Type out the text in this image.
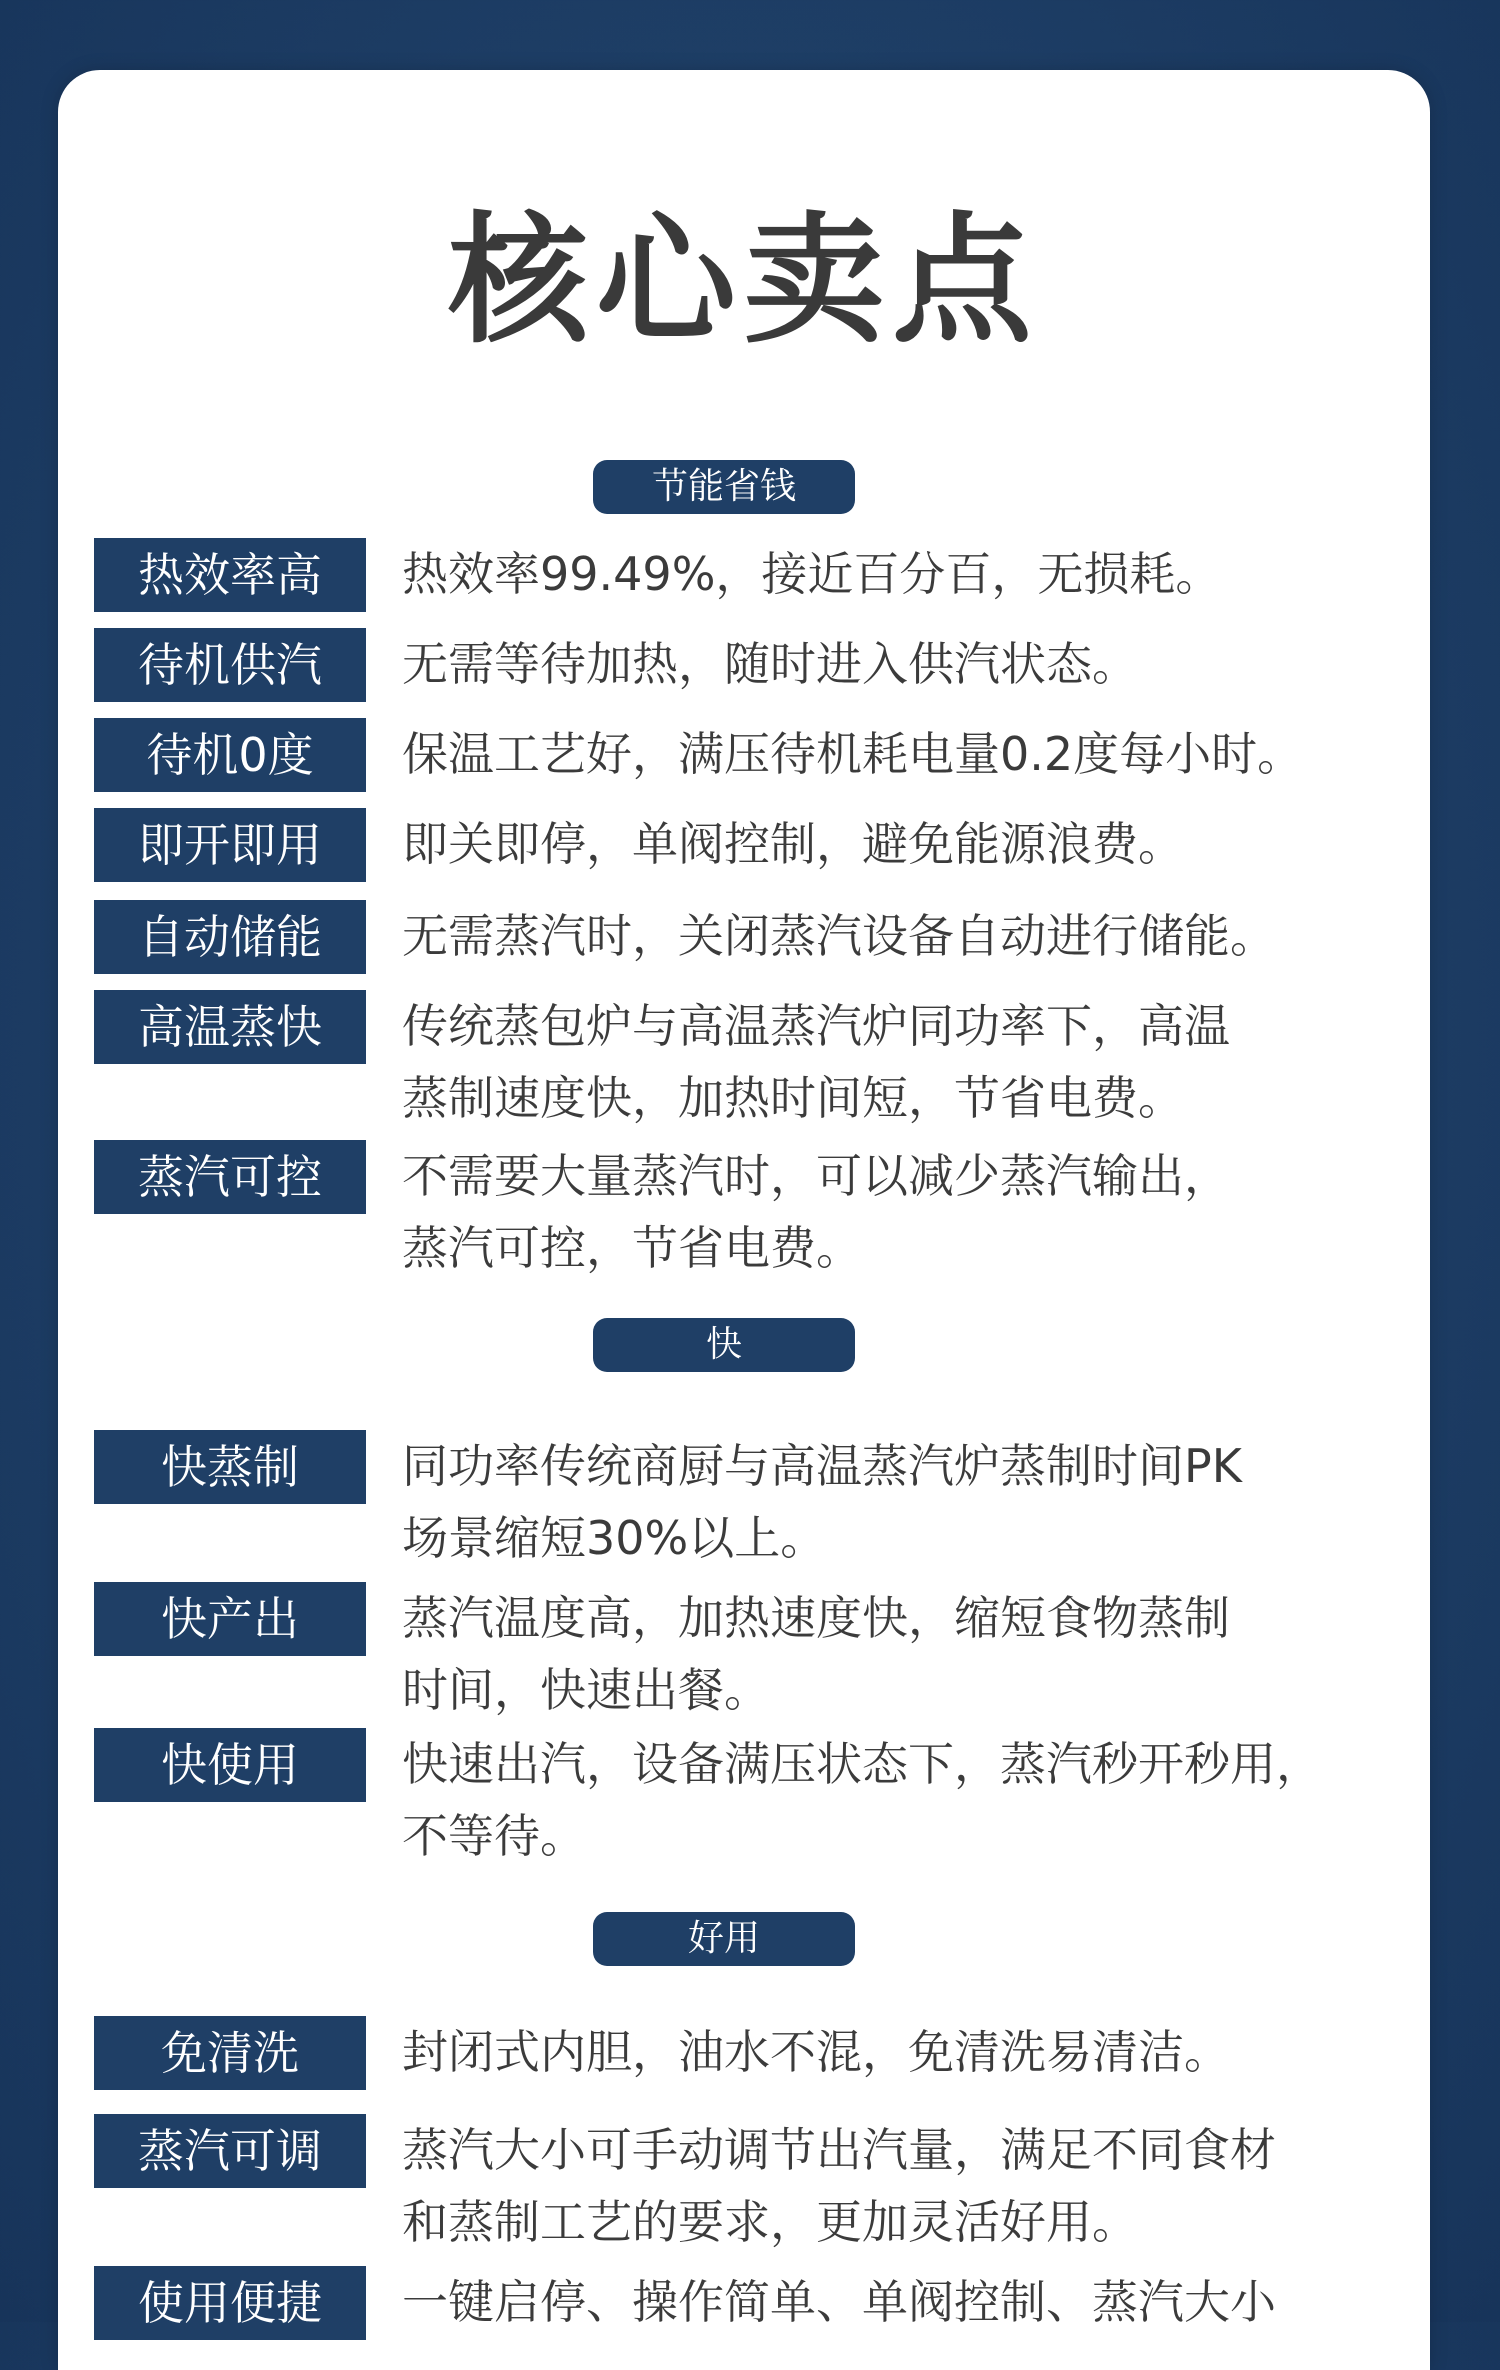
核心卖点
节能省钱
热效率高	热效率99.49%，接近百分百，无损耗。
待机供汽	无需等待加热，随时进入供汽状态。
待机0度	保温工艺好，满压待机耗电量0.2度每小时。
即开即用	即关即停，单阀控制，避免能源浪费。
自动储能	无需蒸汽时，关闭蒸汽设备自动进行储能。
高温蒸快	传统蒸包炉与高温蒸汽炉同功率下，高温
蒸制速度快，加热时间短，节省电费。
蒸汽可控	不需要大量蒸汽时，可以减少蒸汽输出，
蒸汽可控，节省电费。
快
快蒸制	同功率传统商厨与高温蒸汽炉蒸制时间PK
场景缩短30%以上。
快产出	蒸汽温度高，加热速度快，缩短食物蒸制
时间，快速出餐。
快使用	快速出汽，设备满压状态下，蒸汽秒开秒用，
不等待。
好用
免清洗	封闭式内胆，油水不混，免清洗易清洁。
蒸汽可调	蒸汽大小可手动调节出汽量，满足不同食材
和蒸制工艺的要求，更加灵活好用。
使用便捷	一键启停、操作简单、单阀控制、蒸汽大小
